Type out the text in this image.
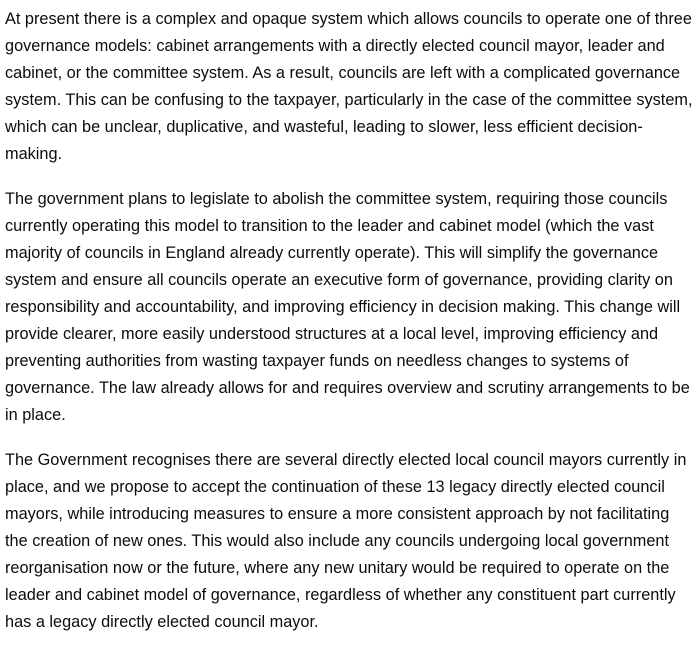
At present there is a complex and opaque system which allows councils to operate one of three governance models: cabinet arrangements with a directly elected council mayor, leader and cabinet, or the committee system. As a result, councils are left with a complicated governance system. This can be confusing to the taxpayer, particularly in the case of the committee system, which can be unclear, duplicative, and wasteful, leading to slower, less efficient decision-making.

The government plans to legislate to abolish the committee system, requiring those councils currently operating this model to transition to the leader and cabinet model (which the vast majority of councils in England already currently operate). This will simplify the governance system and ensure all councils operate an executive form of governance, providing clarity on responsibility and accountability, and improving efficiency in decision making. This change will provide clearer, more easily understood structures at a local level, improving efficiency and preventing authorities from wasting taxpayer funds on needless changes to systems of governance. The law already allows for and requires overview and scrutiny arrangements to be in place.

The Government recognises there are several directly elected local council mayors currently in place, and we propose to accept the continuation of these 13 legacy directly elected council mayors, while introducing measures to ensure a more consistent approach by not facilitating the creation of new ones. This would also include any councils undergoing local government reorganisation now or the future, where any new unitary would be required to operate on the leader and cabinet model of governance, regardless of whether any constituent part currently has a legacy directly elected council mayor.
